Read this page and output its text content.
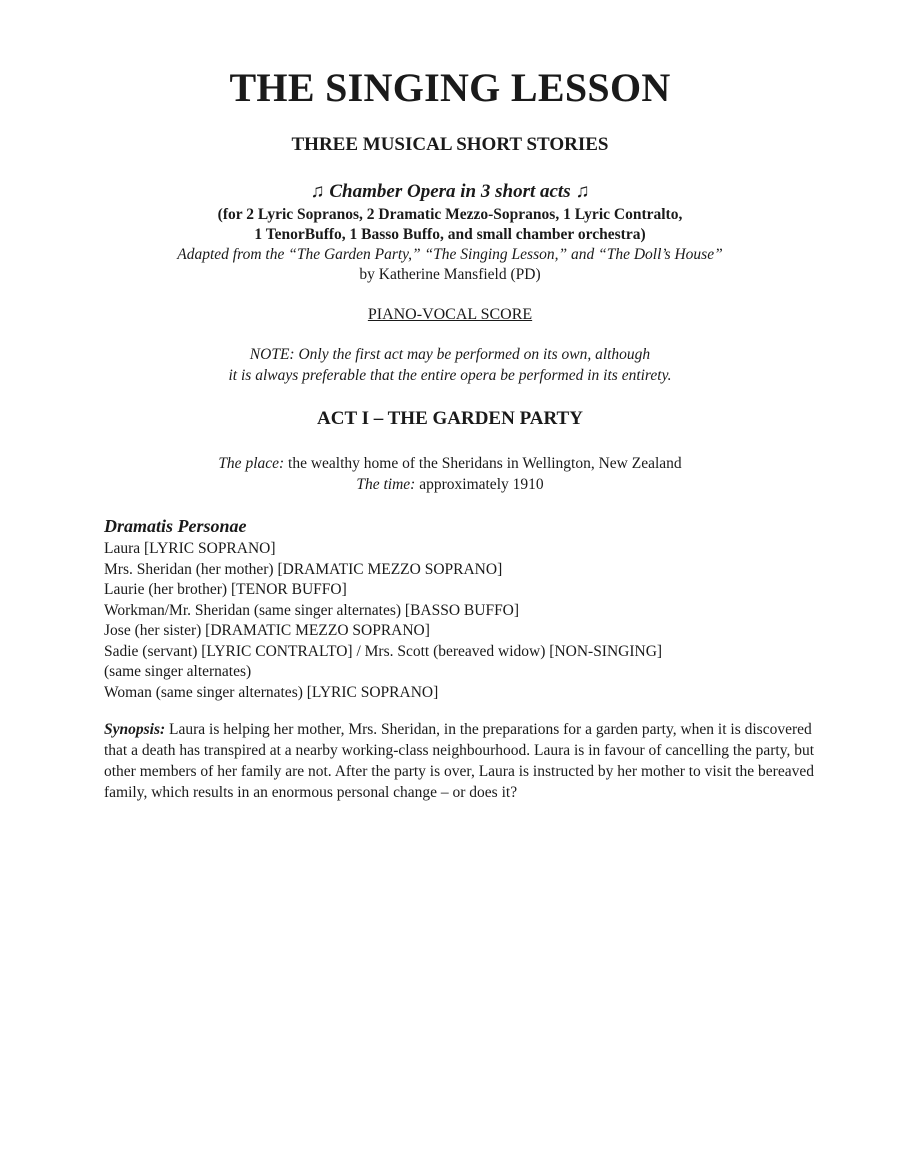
THE SINGING LESSON
THREE MUSICAL SHORT STORIES

♫ Chamber Opera in 3 short acts ♫

(for 2 Lyric Sopranos, 2 Dramatic Mezzo-Sopranos, 1 Lyric Contralto,

1 TenorBuffo, 1 Basso Buffo, and small chamber orchestra)

Adapted from the “The Garden Party,” “The Singing Lesson,” and “The Doll’s House”

by Katherine Mansfield (PD)

PIANO-VOCAL SCORE

NOTE: Only the first act may be performed on its own, although

it is always preferable that the entire opera be performed in its entirety.

ACT I – THE GARDEN PARTY

The place: the wealthy home of the Sheridans in Wellington, New Zealand

The time: approximately 1910

Dramatis Personae
Laura [LYRIC SOPRANO]
Mrs. Sheridan (her mother) [DRAMATIC MEZZO SOPRANO]
Laurie (her brother) [TENOR BUFFO]
Workman/Mr. Sheridan (same singer alternates) [BASSO BUFFO]
Jose (her sister) [DRAMATIC MEZZO SOPRANO]
Sadie (servant) [LYRIC CONTRALTO] / Mrs. Scott (bereaved widow) [NON-SINGING]
(same singer alternates)
Woman (same singer alternates) [LYRIC SOPRANO]

Synopsis: Laura is helping her mother, Mrs. Sheridan, in the preparations for a garden party, when it is discovered that a death has transpired at a nearby working-class neighbourhood. Laura is in favour of cancelling the party, but other members of her family are not. After the party is over, Laura is instructed by her mother to visit the bereaved family, which results in an enormous personal change – or does it?
